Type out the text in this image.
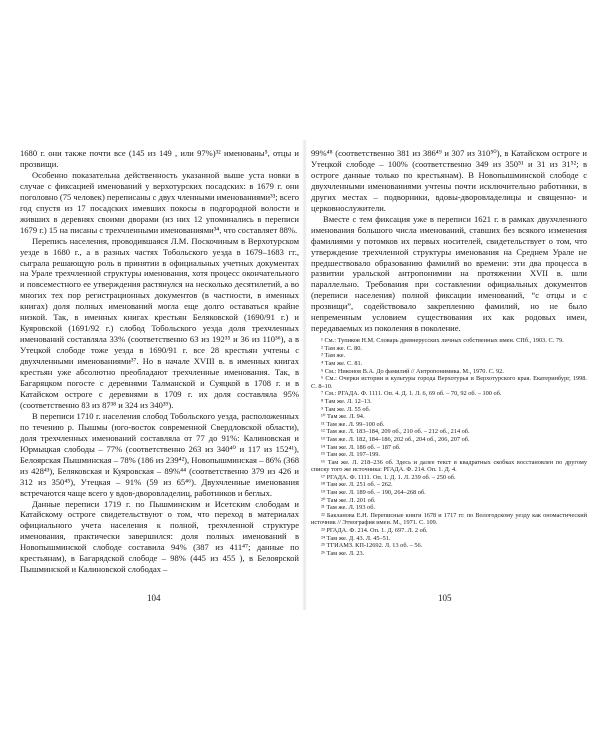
1680 г. они также почти все (145 из 149 , или 97%)³² именованы⁵, отцы и прозвищи.

Особенно показательна действенность указанной выше уста новки в случае с фиксацией именований у верхотурских посадских: в 1679 г. они поголовно (75 человек) переписаны с двух членными именованиями³³; всего год спустя из 17 посадских имевших покосы в подгородной волости и живших в деревнях своими дворами (из них 12 упоминались в переписи 1679 г.) 15 на писаны с трехчленными именованиями³⁴, что составляет 88%.

Перепись населения, проводившаяся Л.М. Поскочиным в Верхотурском уезде в 1680 г., а в разных частях Тобольского уезда в 1679–1683 гг., сыграла решающую роль в принятии в официальных учетных документах на Урале трехчленной структуры именования, хотя процесс окончательного и повсеместного ее утверждения растянулся на несколько десятилетий, а во многих тех пор регистрационных документов (в частности, в именных книгах) доля полных именований могла еще долго оставаться крайне низкой. Так, в именных книгах крестьян Беляковской (1690/91 г.) и Куяровской (1691/92 г.) слобод Тобольского уезда доля трехчленных именований составляла 33% (соответственно 63 из 192³⁵ и 36 из 110³⁶), а в Утецкой слободе тоже уезда в 1690/91 г. все 28 крестьян учтены с двухчленными именованиями³⁷. Но в начале XVIII в. в именных книгах крестьян уже абсолютно преобладают трехчленные именования. Так, в Багаряцком погосте с деревнями Талманской и Суяцкой в 1708 г. и в Катайском остроге с деревнями в 1709 г. их доля составляла 95% (соответственно 83 из 87³⁸ и 324 из 340³⁹).

В переписи 1710 г. населения слобод Тобольского уезда, расположенных по течению р. Пышмы (юго-восток современной Свердловской области), доля трехчленных именований составляла от 77 до 91%: Калиновская и Юрмыцкая слободы – 77% (соответственно 263 из 340⁴⁰ и 117 из 152⁴¹), Белоярская Пышминская – 78% (186 из 239⁴²), Новопышминская – 86% (368 из 428⁴³), Беляковская и Куяровская – 89%⁴⁴ (соответственно 379 из 426 и 312 из 350⁴⁵), Утецкая – 91% (59 из 65⁴⁶). Двухчленные именования встречаются чаще всего у вдов-дворовладелиц, работников и беглых.

Данные переписи 1719 г. по Пышминским и Исетским слободам и Катайскому остроге свидетельствуют о том, что переход в материалах официального учета населения к полной, трехчленной структуре именования, практически завершился: доля полных именований в Новопышминской слободе составила 94% (387 из 411⁴⁷; данные по крестьянам), в Багарядской слободе – 98% (445 из 455 ), в Белоярской Пышминской и Калиновской слободах –

99%⁴⁸ (соответственно 381 из 386⁴⁹ и 307 из 310⁵⁰), в Катайском остроге и Утецкой слободе – 100% (соответственно 349 из 350⁵¹ и 31 из 31⁵²; в остроге данные только по крестьянам). В Новопышминской слободе с двухчленными именованиями учтены почти исключительно работники, в других местах – подворники, вдовы-дворовладелицы и священно- и церковнослужители.

Вместе с тем фиксация уже в переписи 1621 г. в рамках двухчленного именования большого числа именований, ставших без всякого изменения фамилиями у потомков их первых носителей, свидетельствует о том, что утверждение трехчленной структуры именования на Среднем Урале не предшествовало образованию фамилий во времени: эти два процесса в развитии уральской антропонимии на протяжении XVII в. шли параллельно. Требования при составлении официальных документов (переписи населения) полной фиксации именований, “с отцы и с прозвищи”, содействовало закреплению фамилий, но не было непременным условием существования их как родовых имен, передаваемых из поколения в поколение.

¹ См.: Тупиков Н.М. Словарь древнерусских личных собственных имен. СПб., 1903. С. 79.

² Там же. С. 80.

³ Там же.

⁴ Там же. С. 81.

⁵ См.: Никонов В.А. До фамилий // Антропонимика. М., 1970. С. 92.

⁶ См.: Очерки истории и культуры города Верхотурья и Верхотурского края. Екатеринбург, 1998. С. 8–10.

⁷ См.: РГАДА. Ф. 1111. Оп. 4. Д. 1. Л. 6, 69 об. – 70, 92 об. – 100 об.

⁸ Там же. Л. 12–13.

⁹ Там же. Л. 55 об.

¹⁰ Там же. Л. 94.

¹¹ Там же. Л. 99–100 об.

¹² Там же. Л. 183–184, 209 об., 210 об. – 212 об., 214 об.

¹³ Там же. Л. 182, 184–186, 202 об., 204 об., 206, 207 об.

¹⁴ Там же. Л. 186 об. – 187 об.

¹⁵ Там же. Л. 197–199.

¹⁶ Там же. Л. 218–236 об. Здесь и далее текст в квадратных скобках восстановлен по другому списку того же источника: РГАДА. Ф. 214. Оп. 1. Д. 4.

¹⁷ РГАДА. Ф. 1111. Оп. 1. Д. 1. Л. 239 об. – 250 об.

¹⁸ Там же. Л. 251 об. – 262.

¹⁹ Там же. Л. 189 об. – 190, 264–268 об.

²⁰ Там же. Л. 201 об.

²¹ Там же. Л. 193 об.

²² Бакланова Е.Н. Переписные книги 1678 и 1717 гг. по Вологодскому уезду как ономастический источник // Этнография имен. М., 1971. С. 109.

²³ РГАДА. Ф. 214. Оп. 1. Д. 697. Л. 2 об.

²⁴ Там же. Д. 43. Л. 45–51.

²⁵ ТГИАМЗ. КП-12692. Л. 13 об. – 56.

²⁶ Там же. Л. 23.

104	105
